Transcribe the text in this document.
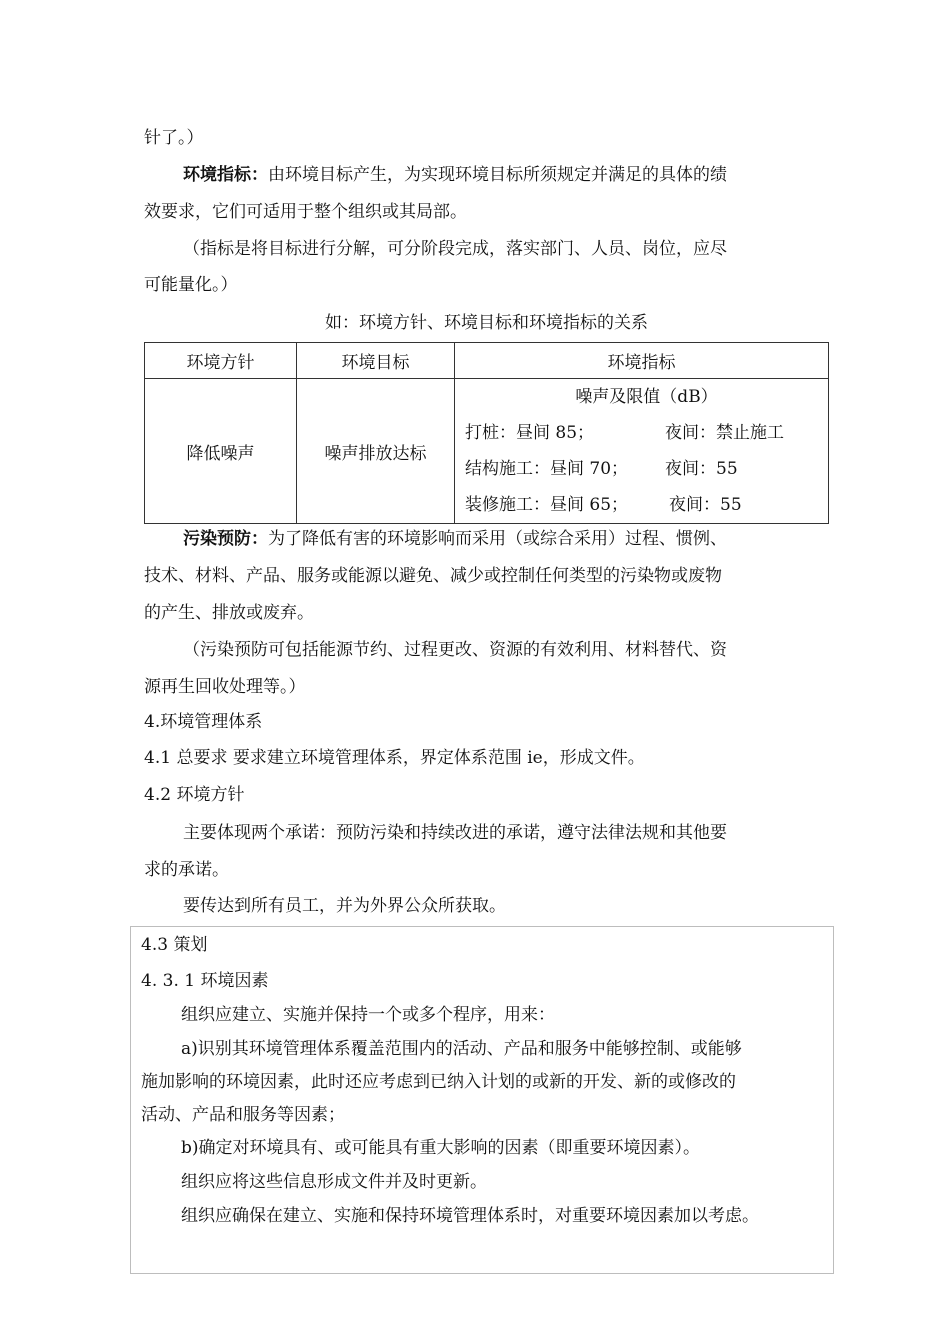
针了。）
环境指标：由环境目标产生，为实现环境目标所须规定并满足的具体的绩
效要求，它们可适用于整个组织或其局部。
（指标是将目标进行分解，可分阶段完成，落实部门、人员、岗位，应尽
可能量化。）
如：环境方针、环境目标和环境指标的关系
环境方针	环境目标	环境指标
降低噪声	噪声排放达标	噪声及限值（dB）
打桩：昼间 85； 夜间：禁止施工
结构施工：昼间 70； 夜间：55
装修施工：昼间 65； 夜间：55
污染预防：为了降低有害的环境影响而采用（或综合采用）过程、惯例、
技术、材料、产品、服务或能源以避免、减少或控制任何类型的污染物或废物
的产生、排放或废弃。
（污染预防可包括能源节约、过程更改、资源的有效利用、材料替代、资
源再生回收处理等。）
4.环境管理体系
4.1 总要求 要求建立环境管理体系，界定体系范围 ie，形成文件。
4.2 环境方针
主要体现两个承诺：预防污染和持续改进的承诺，遵守法律法规和其他要
求的承诺。
要传达到所有员工，并为外界公众所获取。
4.3 策划
4. 3. 1 环境因素
组织应建立、实施并保持一个或多个程序，用来：
a)识别其环境管理体系覆盖范围内的活动、产品和服务中能够控制、或能够
施加影响的环境因素，此时还应考虑到已纳入计划的或新的开发、新的或修改的
活动、产品和服务等因素；
b)确定对环境具有、或可能具有重大影响的因素（即重要环境因素）。
组织应将这些信息形成文件并及时更新。
组织应确保在建立、实施和保持环境管理体系时，对重要环境因素加以考虑。
